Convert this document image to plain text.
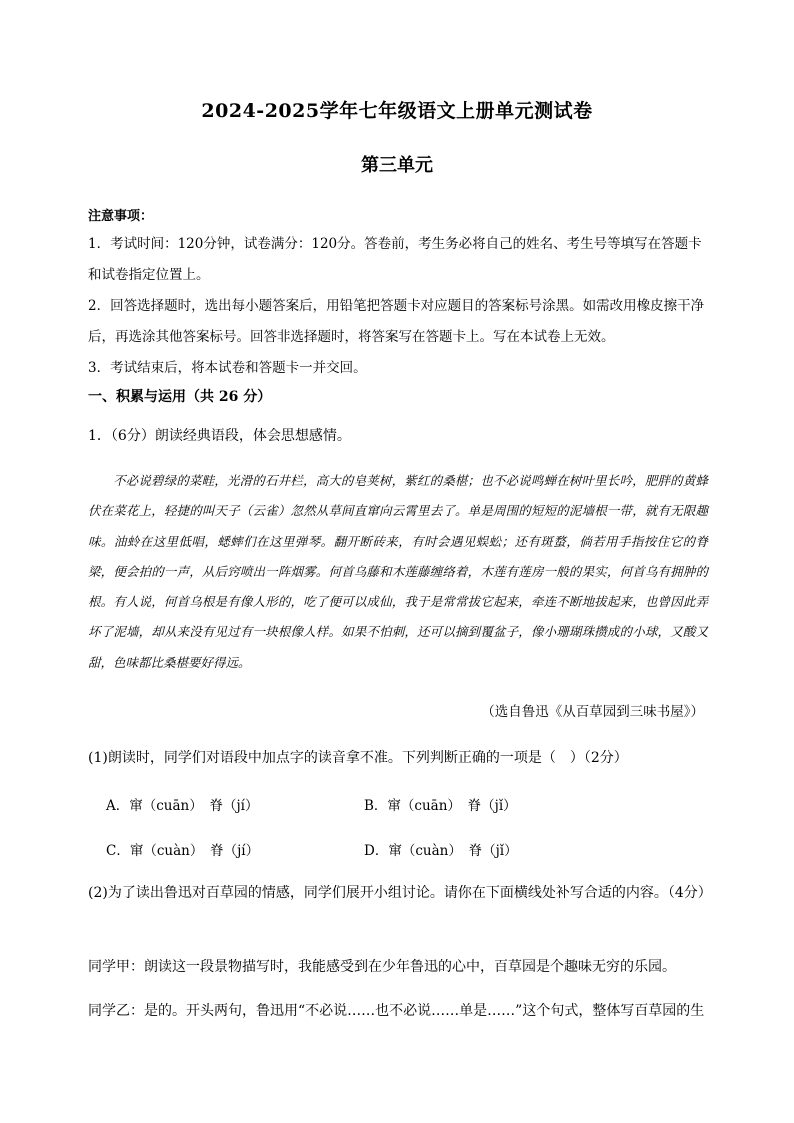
2024-2025学年七年级语文上册单元测试卷
第三单元
注意事项：
1．考试时间：120分钟，试卷满分：120分。答卷前，考生务必将自己的姓名、考生号等填写在答题卡和试卷指定位置上。
2．回答选择题时，选出每小题答案后，用铅笔把答题卡对应题目的答案标号涂黑。如需改用橡皮擦干净后，再选涂其他答案标号。回答非选择题时，将答案写在答题卡上。写在本试卷上无效。
3．考试结束后，将本试卷和答题卡一并交回。
一、积累与运用（共 26 分）
1．（6分）朗读经典语段，体会思想感情。
不必说碧绿的菜畦，光滑的石井栏，高大的皂荚树，紫红的桑椹；也不必说鸣蝉在树叶里长吟，肥胖的黄蜂伏在菜花上，轻捷的叫天子（云雀）忽然从草间直窜向云霄里去了。单是周围的短短的泥墙根一带，就有无限趣味。油蛉在这里低唱，蟋蟀们在这里弹琴。翻开断砖来，有时会遇见蜈蚣；还有斑蝥，倘若用手指按住它的脊梁，便会拍的一声，从后窍喷出一阵烟雾。何首乌藤和木莲藤缠络着，木莲有莲房一般的果实，何首乌有拥肿的根。有人说，何首乌根是有像人形的，吃了便可以成仙，我于是常常拔它起来，牵连不断地拔起来，也曾因此弄坏了泥墙，却从来没有见过有一块根像人样。如果不怕刺，还可以摘到覆盆子，像小珊瑚珠攒成的小球，又酸又甜，色味都比桑椹要好得远。
（选自鲁迅《从百草园到三味书屋》）
(1)朗读时，同学们对语段中加点字的读音拿不准。下列判断正确的一项是（　）（2分）
A．窜（cuān）　脊（jí）	B．窜（cuān）　脊（jǐ）
C．窜（cuàn）　脊（jí）	D．窜（cuàn）　脊（jǐ）
(2)为了读出鲁迅对百草园的情感，同学们展开小组讨论。请你在下面横线处补写合适的内容。（4分）
同学甲：朗读这一段景物描写时，我能感受到在少年鲁迅的心中，百草园是个趣味无穷的乐园。
同学乙：是的。开头两句，鲁迅用“不必说……也不必说……单是……”这个句式，整体写百草园的生
